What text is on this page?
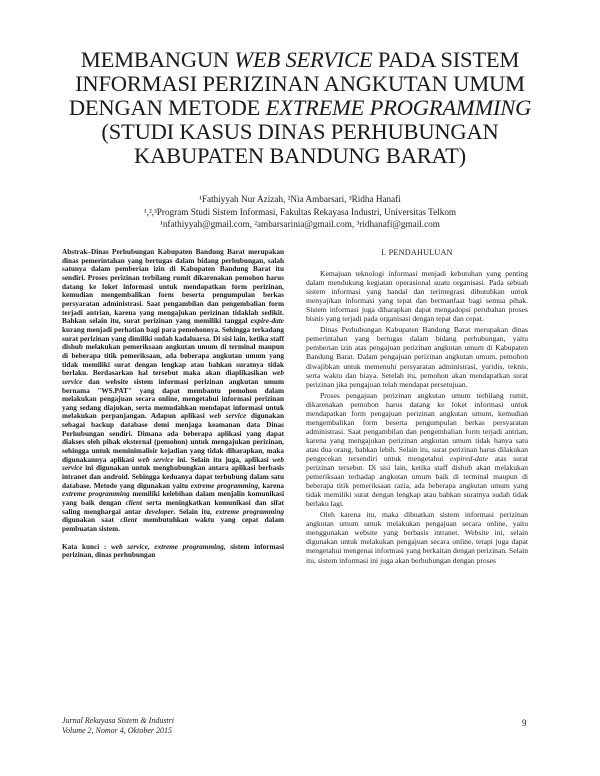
MEMBANGUN WEB SERVICE PADA SISTEM

INFORMASI PERIZINAN ANGKUTAN UMUM

DENGAN METODE EXTREME PROGRAMMING

(STUDI KASUS DINAS PERHUBUNGAN

KABUPATEN BANDUNG BARAT)

¹Fathiyyah Nur Azizah, ²Nia Ambarsari, ³Ridha Hanafi

¹,²,³Program Studi Sistem Informasi, Fakultas Rekayasa Industri, Universitas Telkom

¹nfathiyyah@gmail.com, ²ambarsarinia@gmail.com, ³ridhanafi@gmail.com

Abstrak–Dinas Perhubungan Kabupaten Bandung Barat merupakan dinas pemerintahan yang bertugas dalam bidang perhubungan, salah satunya dalam pemberian izin di Kabupaten Bandung Barat itu sendiri. Proses perizinan terbilang rumit dikarenakan pemohon harus datang ke loket informasi untuk mendapatkan form perizinan, kemudian mengembalikan form beserta pengumpulan berkas persyaratan administrasi. Saat pengambilan dan pengembalian form terjadi antrian, karena yang mengajukan perizinan tidaklah sedikit. Bahkan selain itu, surat perizinan yang memiliki tanggal expire-date kurang menjadi perhatian bagi para pemohonnya. Sehingga terkadang surat perizinan yang dimiliki sudah kadaluarsa. Di sisi lain, ketika staff dishub melakukan pemeriksaan angkutan umum di terminal maupun di beberapa titik pemeriksaan, ada beberapa angkutan umum yang tidak memiliki surat dengan lengkap atau bahkan suratnya tidak berlaku. Berdasarkan hal tersebut maka akan diaplikasikan web service dan website sistem informasi perizinan angkutan umum bernama "WS.PAT" yang dapat membantu pemohon dalam melakukan pengajuan secara online, mengetahui informasi perizinan yang sedang diajukan, serta memudahkan mendapat informasi untuk melakukan perpanjangan. Adapun aplikasi web service digunakan sebagai backup database demi menjaga keamanan data Dinas Perhubungan sendiri. Dimana ada beberapa aplikasi yang dapat diakses oleh pihak eksternal (pemohon) untuk mengajukan perizinan, sehingga untuk meminimalisir kejadian yang tidak diharapkan, maka digunakannya aplikasi web service ini. Selain itu juga, aplikasi web service ini digunakan untuk menghubungkan antara aplikasi berbasis intranet dan android. Sehingga keduanya dapat terhubung dalam satu database. Metode yang digunakan yaitu extreme programming, karena extreme programming memiliki kelebihan dalam menjalin komunikasi yang baik dengan client serta meningkatkan komunikasi dan sifat saling menghargai antar developer. Selain itu, extreme programming digunakan saat client membutuhkan waktu yang cepat dalam pembuatan sistem.

Kata kunci : web service, extreme programming, sistem informasi perizinan, dinas perhubungan

I. PENDAHULUAN

Kemajuan teknologi informasi menjadi kebutuhan yang penting dalam mendukung kegiatan operasional suatu organisasi. Pada sebuah sistem informasi yang handal dan terintegrasi dibutuhkan untuk menyajikan informasi yang tepat dan bermanfaat bagi semua pihak. Sistem informasi juga diharapkan dapat mengadopsi perubahan proses bisnis yang terjadi pada organisasi dengan tepat dan cepat.

Dinas Perhubungan Kabupaten Bandung Barat merupakan dinas pemerintahan yang bertugas dalam bidang perhubungan, yaitu pemberian izin atas pengajuan perizinan angkutan umum di Kabupaten Bandung Barat. Dalam pengajuan perizinan angkutan umum, pemohon diwajibkan untuk memenuhi persyaratan administrasi, yuridis, teknis, serta waktu dan biaya. Setelah itu, pemohon akan mendapatkan surat perizinan jika pengajuan telah mendapat persetujuan.

Proses pengajuan perizinan angkutan umum terbilang rumit, dikarenakan pemohon harus datang ke loket informasi untuk mendapatkan form pengajuan perizinan angkutan umum, kemudian mengembalikan form beserta pengumpulan berkas persyaratan administrasi. Saat pengambilan dan pengembalian form terjadi antrian, karena yang mengajukan perizinan angkutan umum tidak hanya satu atau dua orang, bahkan lebih. Selain itu, surat perizinan harus dilakukan pengecekan tersendiri untuk mengetahui expired-date atas surat perizinan tersebut. Di sisi lain, ketika staff dishub akan melakukan pemeriksaan terhadap angkutan umum baik di terminal maupun di beberapa titik pemeriksaan razia, ada beberapa angkutan umum yang tidak memiliki surat dengan lengkap atau bahkan suratnya sudah tidak berlaku lagi.

Oleh karena itu, maka dibuatkan sistem informasi perizinan angkutan umum untuk melakukan pengajuan secara online, yaitu menggunakan website yang berbasis intranet. Website ini, selain digunakan untuk melakukan pengajuan secara online, tetapi juga dapat mengetahui mengenai informasi yang berkaitan dengan perizinan. Selain itu, sistem informasi ini juga akan berhubungan dengan proses

Jurnal Rekayasa Sistem & Industri

Volume 2, Nomor 4, Oktober 2015

9
